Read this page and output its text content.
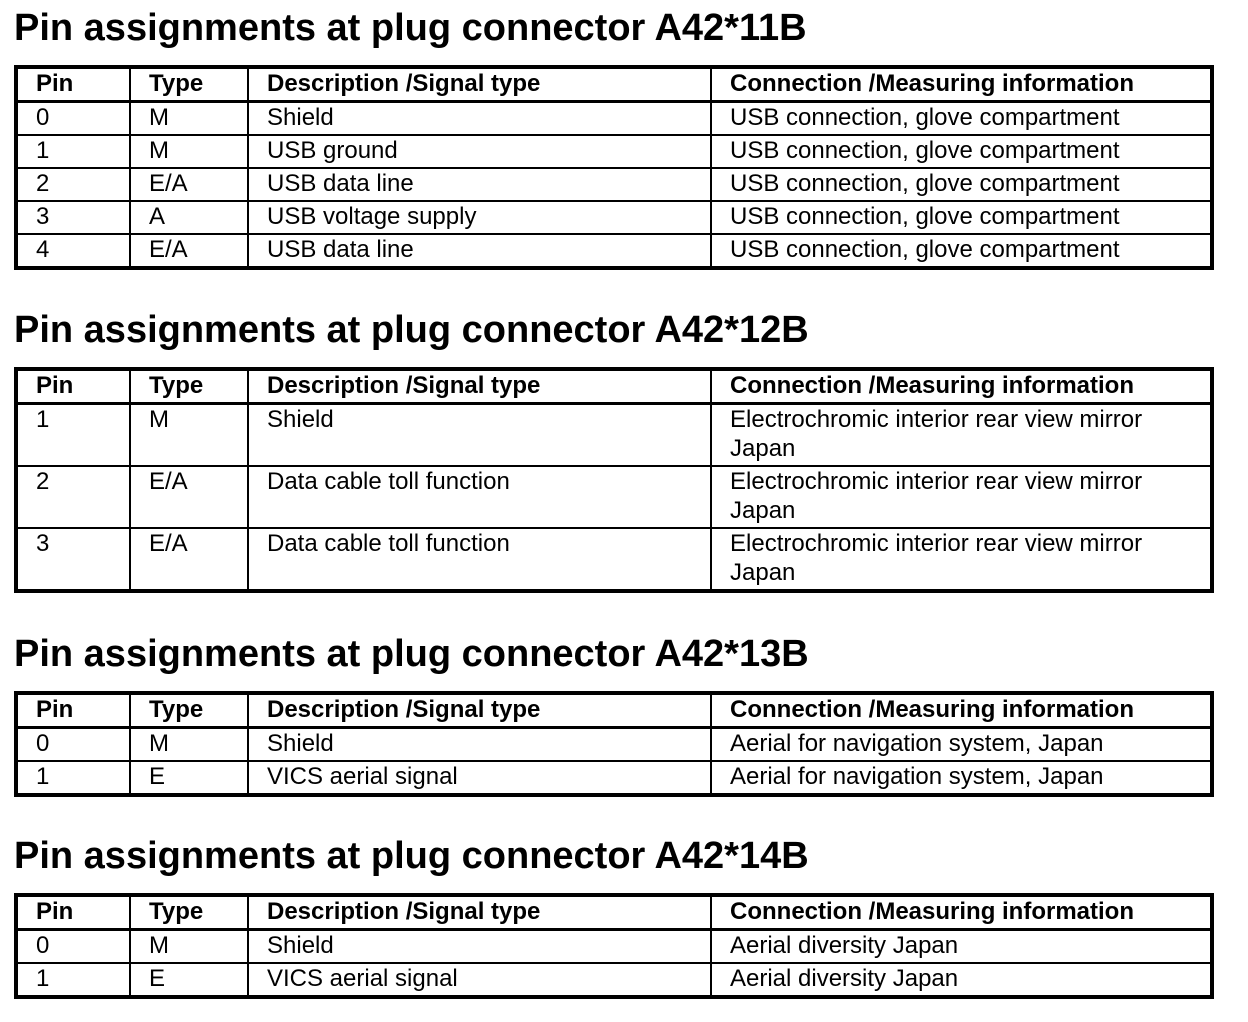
Pin assignments at plug connector A42*11B
Pin	Type	Description /Signal type	Connection /Measuring information
0	M	Shield	USB connection, glove compartment
1	M	USB ground	USB connection, glove compartment
2	E/A	USB data line	USB connection, glove compartment
3	A	USB voltage supply	USB connection, glove compartment
4	E/A	USB data line	USB connection, glove compartment
Pin assignments at plug connector A42*12B
Pin	Type	Description /Signal type	Connection /Measuring information
1	M	Shield	Electrochromic interior rear view mirror Japan
2	E/A	Data cable toll function	Electrochromic interior rear view mirror Japan
3	E/A	Data cable toll function	Electrochromic interior rear view mirror Japan
Pin assignments at plug connector A42*13B
Pin	Type	Description /Signal type	Connection /Measuring information
0	M	Shield	Aerial for navigation system, Japan
1	E	VICS aerial signal	Aerial for navigation system, Japan
Pin assignments at plug connector A42*14B
Pin	Type	Description /Signal type	Connection /Measuring information
0	M	Shield	Aerial diversity Japan
1	E	VICS aerial signal	Aerial diversity Japan
